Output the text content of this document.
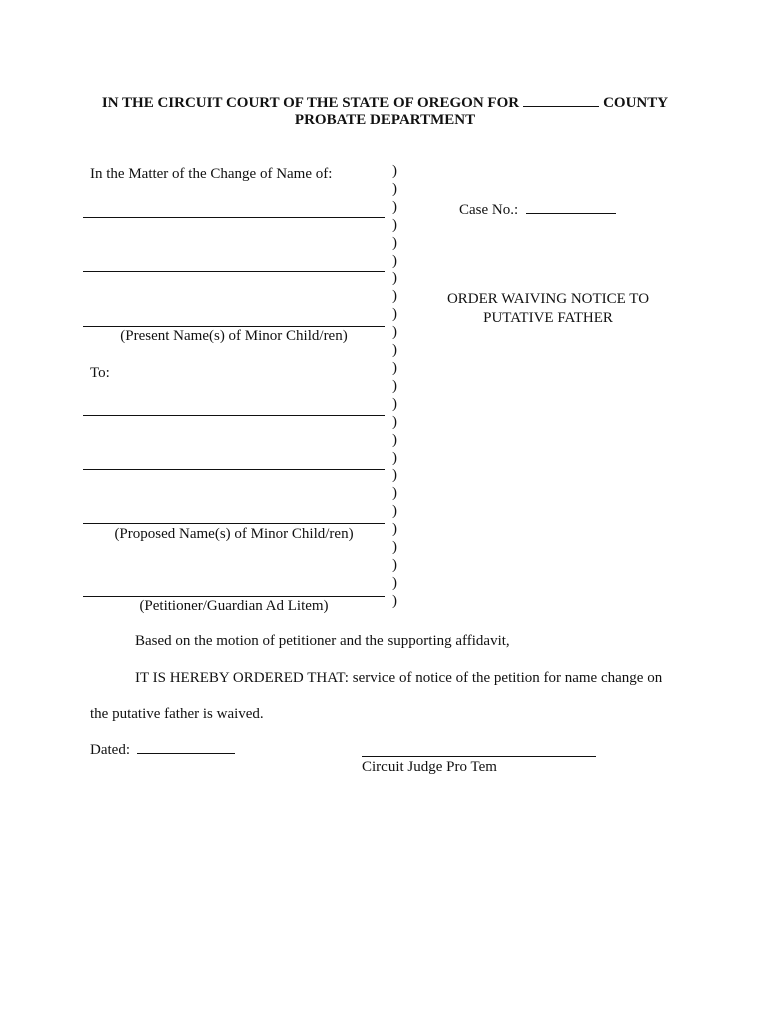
IN THE CIRCUIT COURT OF THE STATE OF OREGON FOR	COUNTY
PROBATE DEPARTMENT
In the Matter of the Change of Name of:
(Present Name(s) of Minor Child/ren)
To:
(Proposed Name(s) of Minor Child/ren)
(Petitioner/Guardian Ad Litem)
)
)
)
)
)
)
)
)
)
)
)
)
)
)
)
)
)
)
)
)
)
)
)
)
)
Case No.:
ORDER WAIVING NOTICE TO
PUTATIVE FATHER
Based on the motion of petitioner and the supporting affidavit,
IT IS HEREBY ORDERED THAT: service of notice of the petition for name change on
the putative father is waived.
Dated:
Circuit Judge Pro Tem
